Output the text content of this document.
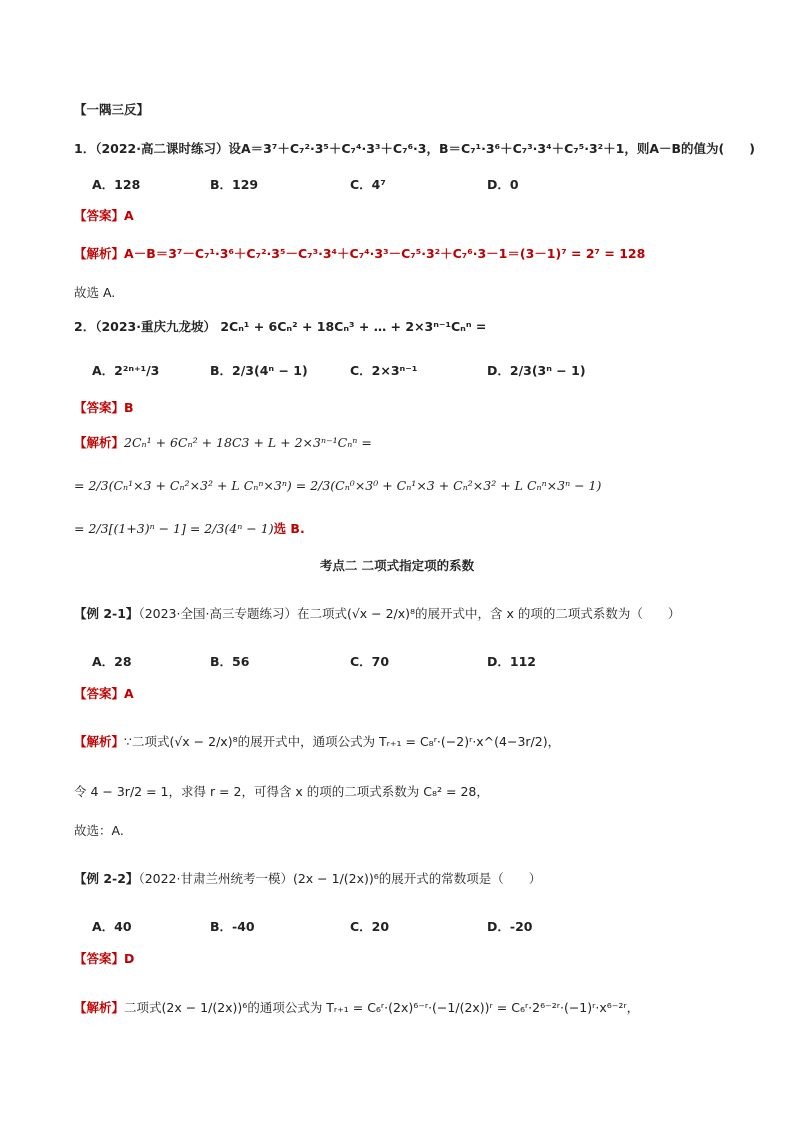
【一隅三反】
1．（2022·高二课时练习）设A＝3⁷＋C₇²·3⁵＋C₇⁴·3³＋C₇⁶·3，B＝C₇¹·3⁶＋C₇³·3⁴＋C₇⁵·3²＋1，则A－B的值为(　　)
A．128	B．129	C．4⁷	D．0
【答案】A
【解析】A－B＝3⁷－C₇¹·3⁶＋C₇²·3⁵－C₇³·3⁴＋C₇⁴·3³－C₇⁵·3²＋C₇⁶·3－1＝(3－1)⁷ = 2⁷ = 128
故选 A.
2．（2023·重庆九龙坡） 2Cₙ¹ + 6Cₙ² + 18Cₙ³ + … + 2×3ⁿ⁻¹Cₙⁿ =
A．2²ⁿ⁺¹/3	B．2/3(4ⁿ − 1)	C．2×3ⁿ⁻¹	D．2/3(3ⁿ − 1)
【答案】B
【解析】2Cₙ¹ + 6Cₙ² + 18C3 + L + 2×3ⁿ⁻¹Cₙⁿ =
= 2/3(Cₙ¹×3 + Cₙ²×3² + L Cₙⁿ×3ⁿ) = 2/3(Cₙ⁰×3⁰ + Cₙ¹×3 + Cₙ²×3² + L Cₙⁿ×3ⁿ − 1)
= 2/3[(1+3)ⁿ − 1] = 2/3(4ⁿ − 1)选 B.
考点二 二项式指定项的系数
【例 2-1】（2023·全国·高三专题练习）在二项式(√x − 2/x)⁸的展开式中，含 x 的项的二项式系数为（　　）
A．28	B．56	C．70	D．112
【答案】A
【解析】∵二项式(√x − 2/x)⁸的展开式中，通项公式为 Tᵣ₊₁ = C₈ʳ·(−2)ʳ·x^(4−3r/2)，
令 4 − 3r/2 = 1，求得 r = 2，可得含 x 的项的二项式系数为 C₈² = 28，
故选：A.
【例 2-2】（2022·甘肃兰州统考一模）(2x − 1/(2x))⁶的展开式的常数项是（　　）
A．40	B．-40	C．20	D．-20
【答案】D
【解析】二项式(2x − 1/(2x))⁶的通项公式为 Tᵣ₊₁ = C₆ʳ·(2x)⁶⁻ʳ·(−1/(2x))ʳ = C₆ʳ·2⁶⁻²ʳ·(−1)ʳ·x⁶⁻²ʳ，
